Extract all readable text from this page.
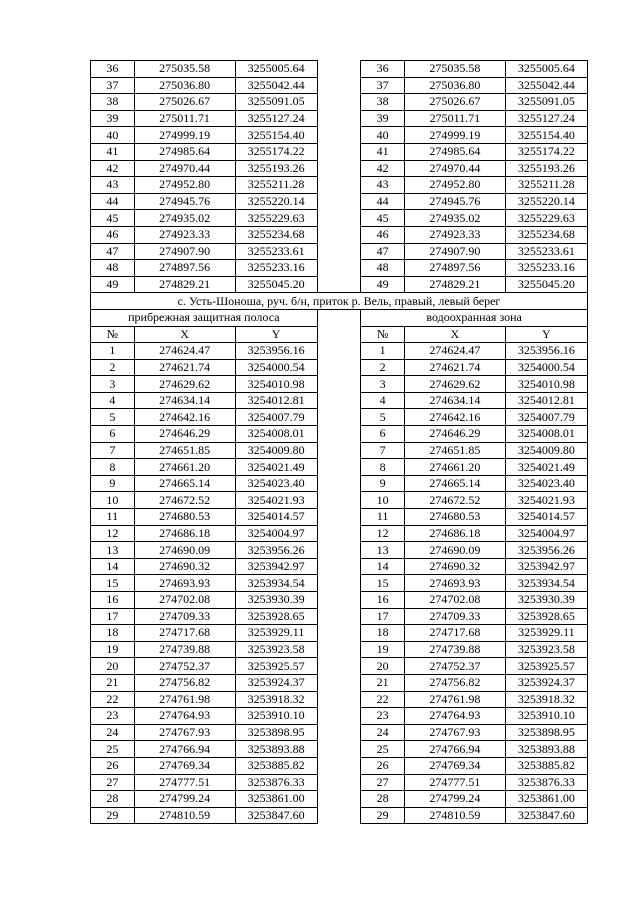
36	275035.58	3255005.64		36	275035.58	3255005.64
37	275036.80	3255042.44		37	275036.80	3255042.44
38	275026.67	3255091.05		38	275026.67	3255091.05
39	275011.71	3255127.24		39	275011.71	3255127.24
40	274999.19	3255154.40		40	274999.19	3255154.40
41	274985.64	3255174.22		41	274985.64	3255174.22
42	274970.44	3255193.26		42	274970.44	3255193.26
43	274952.80	3255211.28		43	274952.80	3255211.28
44	274945.76	3255220.14		44	274945.76	3255220.14
45	274935.02	3255229.63		45	274935.02	3255229.63
46	274923.33	3255234.68		46	274923.33	3255234.68
47	274907.90	3255233.61		47	274907.90	3255233.61
48	274897.56	3255233.16		48	274897.56	3255233.16
49	274829.21	3255045.20		49	274829.21	3255045.20
с. Усть-Шоноша, руч. б/н, приток р. Вель, правый, левый берег						
прибрежная защитная полоса				водоохранная зона		
№	X	Y		№	X	Y
1	274624.47	3253956.16		1	274624.47	3253956.16
2	274621.74	3254000.54		2	274621.74	3254000.54
3	274629.62	3254010.98		3	274629.62	3254010.98
4	274634.14	3254012.81		4	274634.14	3254012.81
5	274642.16	3254007.79		5	274642.16	3254007.79
6	274646.29	3254008.01		6	274646.29	3254008.01
7	274651.85	3254009.80		7	274651.85	3254009.80
8	274661.20	3254021.49		8	274661.20	3254021.49
9	274665.14	3254023.40		9	274665.14	3254023.40
10	274672.52	3254021.93		10	274672.52	3254021.93
11	274680.53	3254014.57		11	274680.53	3254014.57
12	274686.18	3254004.97		12	274686.18	3254004.97
13	274690.09	3253956.26		13	274690.09	3253956.26
14	274690.32	3253942.97		14	274690.32	3253942.97
15	274693.93	3253934.54		15	274693.93	3253934.54
16	274702.08	3253930.39		16	274702.08	3253930.39
17	274709.33	3253928.65		17	274709.33	3253928.65
18	274717.68	3253929.11		18	274717.68	3253929.11
19	274739.88	3253923.58		19	274739.88	3253923.58
20	274752.37	3253925.57		20	274752.37	3253925.57
21	274756.82	3253924.37		21	274756.82	3253924.37
22	274761.98	3253918.32		22	274761.98	3253918.32
23	274764.93	3253910.10		23	274764.93	3253910.10
24	274767.93	3253898.95		24	274767.93	3253898.95
25	274766.94	3253893.88		25	274766.94	3253893.88
26	274769.34	3253885.82		26	274769.34	3253885.82
27	274777.51	3253876.33		27	274777.51	3253876.33
28	274799.24	3253861.00		28	274799.24	3253861.00
29	274810.59	3253847.60		29	274810.59	3253847.60
